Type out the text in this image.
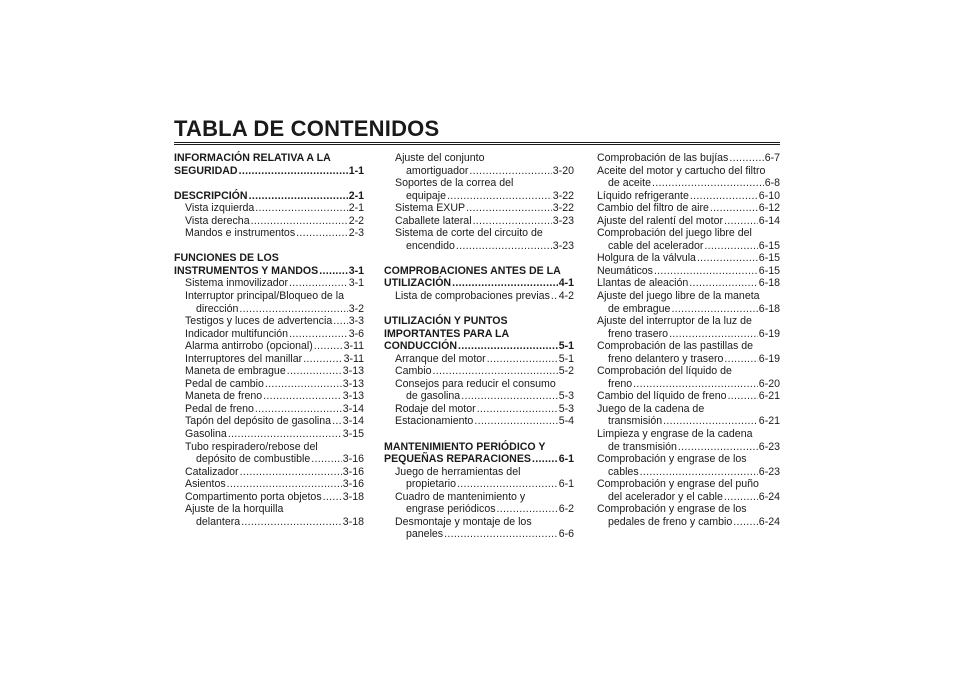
TABLA DE CONTENIDOS
INFORMACIÓN RELATIVA A LA
SEGURIDAD .....	1-1
DESCRIPCIÓN .....	2-1
Vista izquierda .....	2-1
Vista derecha .....	2-2
Mandos e instrumentos .....	2-3
FUNCIONES DE LOS
INSTRUMENTOS Y MANDOS .....	3-1
Sistema inmovilizador .....	3-1
Interruptor principal/Bloqueo de la
dirección .....	3-2
Testigos y luces de advertencia ..... 3-3
Indicador multifunción .....	3-6
Alarma antirrobo (opcional) .....	3-11
Interruptores del manillar .....	3-11
Maneta de embrague .....	3-13
Pedal de cambio .....	3-13
Maneta de freno .....	3-13
Pedal de freno .....	3-14
Tapón del depósito de gasolina ..... 3-14
Gasolina .....	3-15
Tubo respiradero/rebose del
depósito de combustible .....	3-16
Catalizador .....	3-16
Asientos .....	3-16
Compartimento porta objetos ..... 3-18
Ajuste de la horquilla
delantera .....	3-18
Ajuste del conjunto
amortiguador .....	3-20
Soportes de la correa del
equipaje .....	3-22
Sistema EXUP .....	3-22
Caballete lateral .....	3-23
Sistema de corte del circuito de
encendido .....	3-23
COMPROBACIONES ANTES DE LA
UTILIZACIÓN .....	4-1
Lista de comprobaciones previas ..... 4-2
UTILIZACIÓN Y PUNTOS
IMPORTANTES PARA LA
CONDUCCIÓN .....	5-1
Arranque del motor .....	5-1
Cambio .....	5-2
Consejos para reducir el consumo
de gasolina .....	5-3
Rodaje del motor .....	5-3
Estacionamiento .....	5-4
MANTENIMIENTO PERIÓDICO Y
PEQUEÑAS REPARACIONES .....	6-1
Juego de herramientas del
propietario .....	6-1
Cuadro de mantenimiento y
engrase periódicos .....	6-2
Desmontaje y montaje de los
paneles .....	6-6
Comprobación de las bujías .....	6-7
Aceite del motor y cartucho del filtro
de aceite .....	6-8
Líquido refrigerante .....	6-10
Cambio del filtro de aire .....	6-12
Ajuste del ralentí del motor .....	6-14
Comprobación del juego libre del
cable del acelerador .....	6-15
Holgura de la válvula .....	6-15
Neumáticos .....	6-15
Llantas de aleación .....	6-18
Ajuste del juego libre de la maneta
de embrague .....	6-18
Ajuste del interruptor de la luz de
freno trasero .....	6-19
Comprobación de las pastillas de
freno delantero y trasero .....	6-19
Comprobación del líquido de
freno .....	6-20
Cambio del líquido de freno .....	6-21
Juego de la cadena de
transmisión .....	6-21
Limpieza y engrase de la cadena
de transmisión .....	6-23
Comprobación y engrase de los
cables .....	6-23
Comprobación y engrase del puño
del acelerador y el cable .....	6-24
Comprobación y engrase de los
pedales de freno y cambio .....	6-24
